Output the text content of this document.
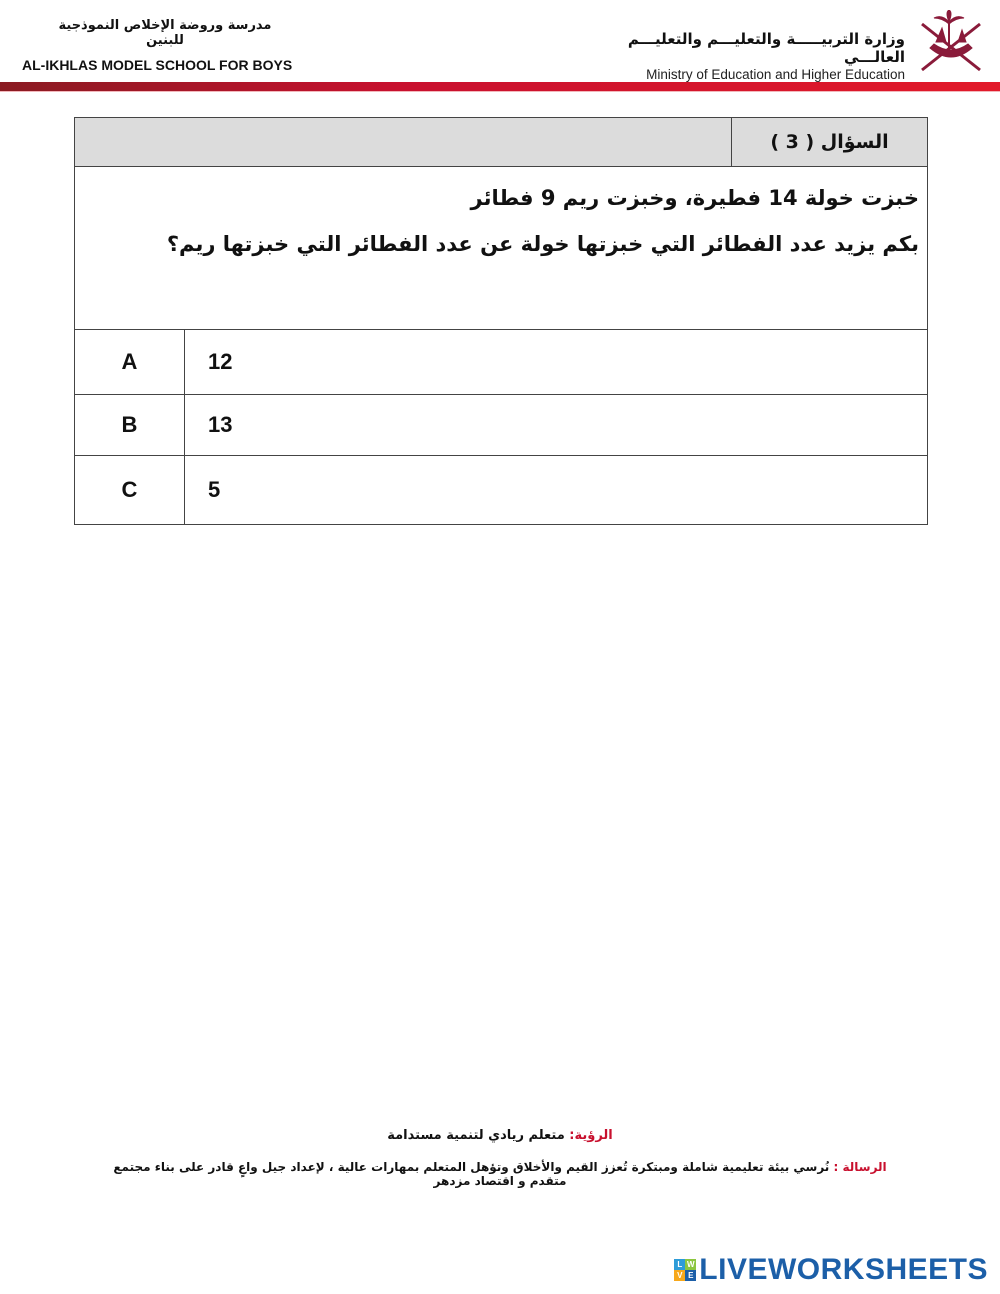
مدرسة وروضة الإخلاص النموذجية للبنين
AL-IKHLAS MODEL SCHOOL FOR BOYS
وزارة التربيـــــة والتعليـــم والتعليـــم العالـــي
Ministry of Education and Higher Education
		السؤال ( 3 )

خبزت خولة 14 فطيرة، وخبزت ريم 9 فطائر
بكم يزيد عدد الفطائر التي خبزتها خولة عن عدد الفطائر التي خبزتها ريم؟		

A	12	
B	13	
C	5	
الرؤية: متعلم ريادي لتنمية مستدامة
الرسالة : نُرسي بيئة تعليمية شاملة ومبتكرة تُعزز القيم والأخلاق وتؤهل المتعلم بمهارات عالية ، لإعداد جيل واعٍ قادر على بناء مجتمع متقدم و اقتصاد مزدهر
L W
V E LIVEWORKSHEETS
